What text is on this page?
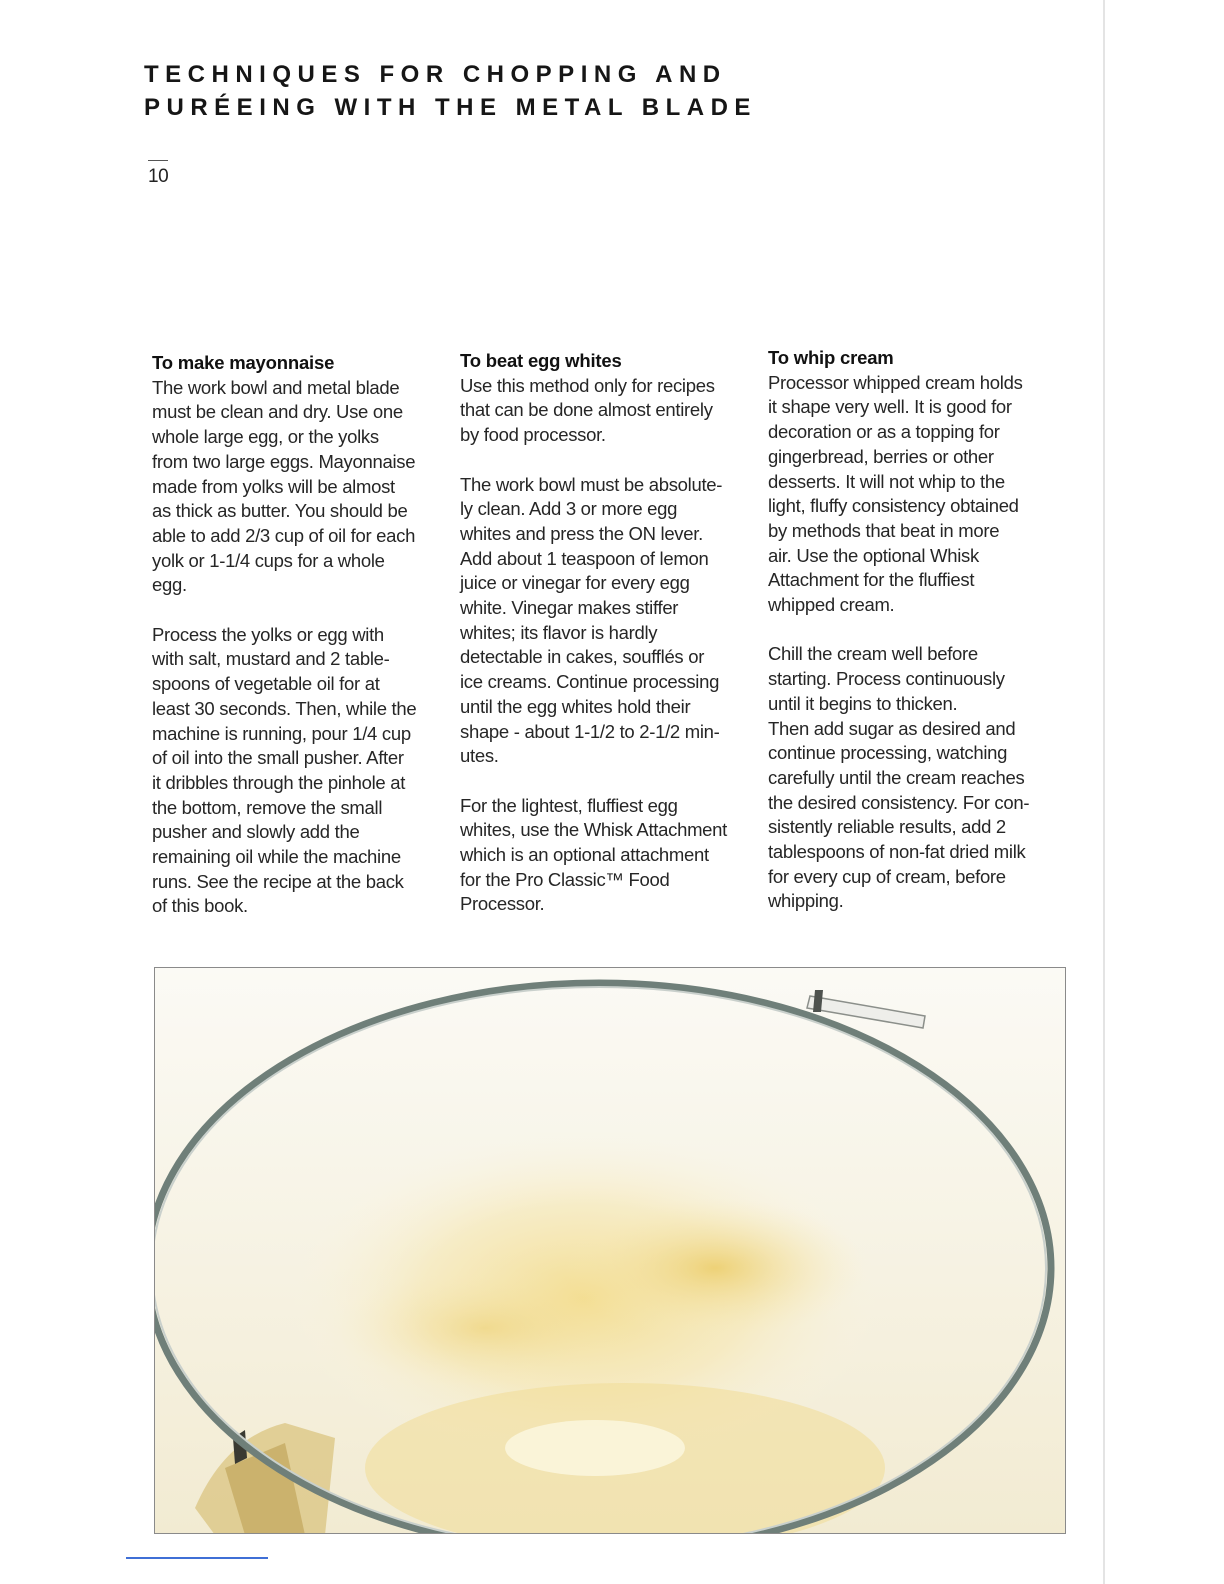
TECHNIQUES FOR CHOPPING AND
PURÉEING WITH THE METAL BLADE
10
To make mayonnaise

The work bowl and metal blade
must be clean and dry. Use one
whole large egg, or the yolks
from two large eggs. Mayonnaise
made from yolks will be almost
as thick as butter. You should be
able to add 2/3 cup of oil for each
yolk or 1-1/4 cups for a whole
egg.

Process the yolks or egg with
with salt, mustard and 2 table-
spoons of vegetable oil for at
least 30 seconds. Then, while the
machine is running, pour 1/4 cup
of oil into the small pusher. After
it dribbles through the pinhole at
the bottom, remove the small
pusher and slowly add the
remaining oil while the machine
runs. See the recipe at the back
of this book.

To beat egg whites

Use this method only for recipes
that can be done almost entirely
by food processor.

The work bowl must be absolute-
ly clean. Add 3 or more egg
whites and press the ON lever.
Add about 1 teaspoon of lemon
juice or vinegar for every egg
white. Vinegar makes stiffer
whites; its flavor is hardly
detectable in cakes, soufflés or
ice creams. Continue processing
until the egg whites hold their
shape - about 1-1/2 to 2-1/2 min-
utes.

For the lightest, fluffiest egg
whites, use the Whisk Attachment
which is an optional attachment
for the Pro Classic™ Food
Processor.

To whip cream

Processor whipped cream holds
it shape very well. It is good for
decoration or as a topping for
gingerbread, berries or other
desserts. It will not whip to the
light, fluffy consistency obtained
by methods that beat in more
air. Use the optional Whisk
Attachment for the fluffiest
whipped cream.

Chill the cream well before
starting. Process continuously
until it begins to thicken.
Then add sugar as desired and
continue processing, watching
carefully until the cream reaches
the desired consistency. For con-
sistently reliable results, add 2
tablespoons of non-fat dried milk
for every cup of cream, before
whipping.
